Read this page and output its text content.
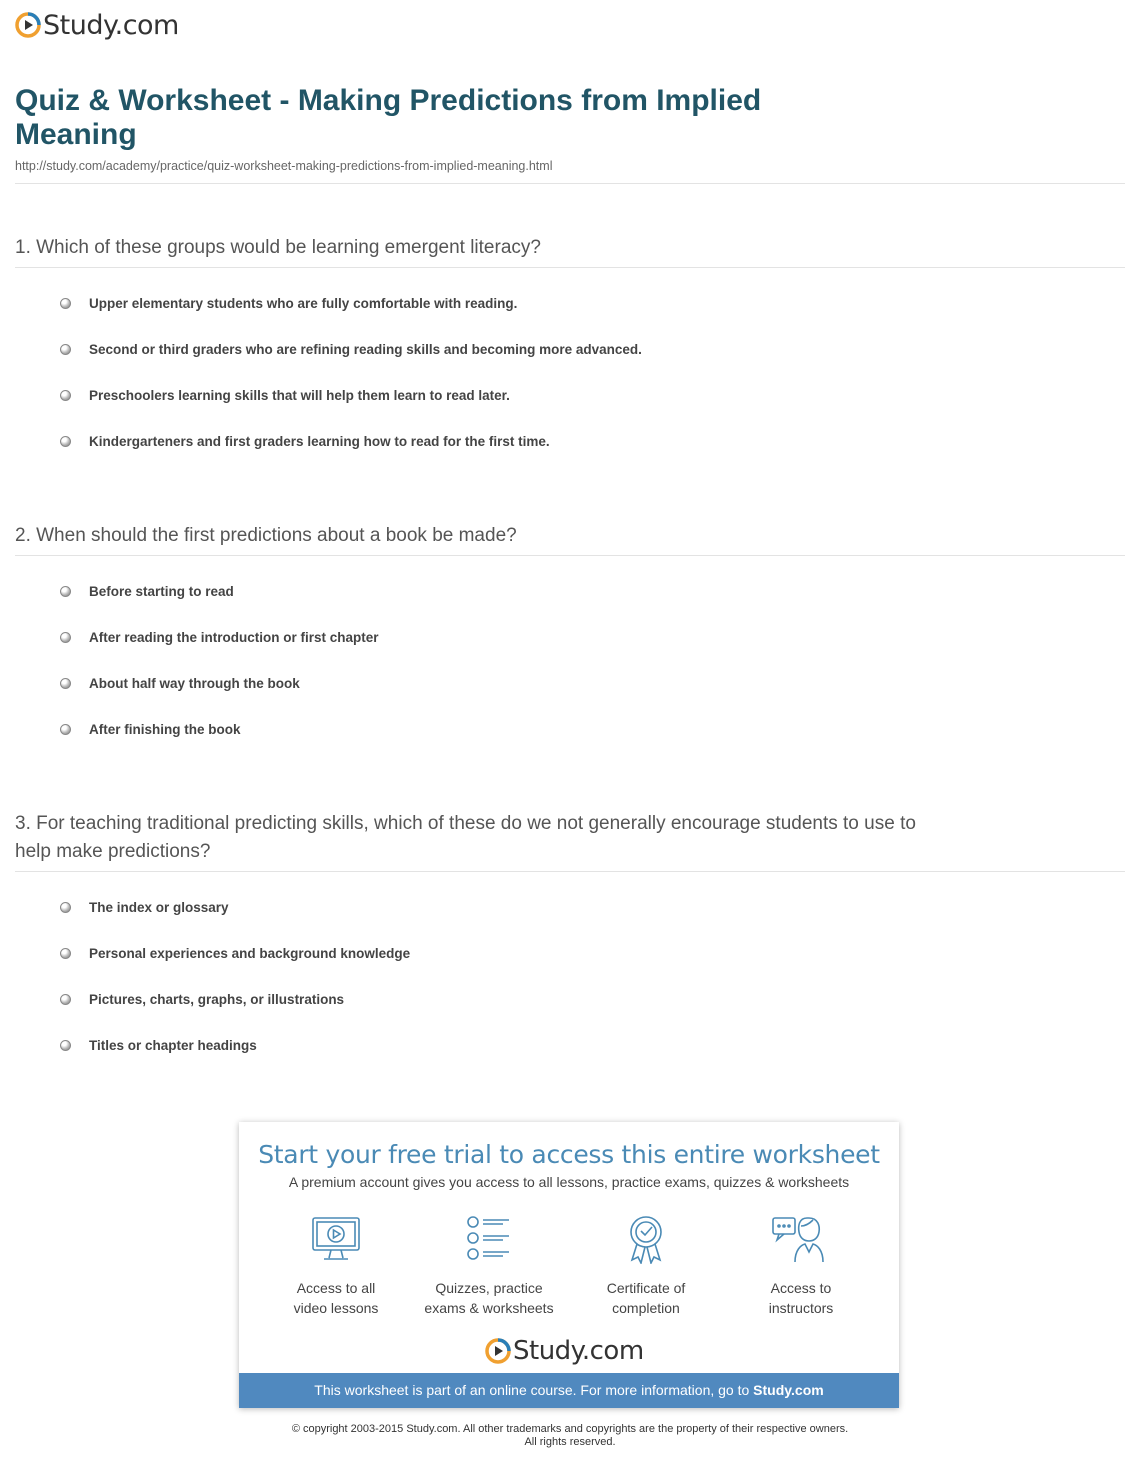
Study.com
Quiz & Worksheet - Making Predictions from Implied Meaning
http://study.com/academy/practice/quiz-worksheet-making-predictions-from-implied-meaning.html
1. Which of these groups would be learning emergent literacy?
Upper elementary students who are fully comfortable with reading.
Second or third graders who are refining reading skills and becoming more advanced.
Preschoolers learning skills that will help them learn to read later.
Kindergarteners and first graders learning how to read for the first time.
2. When should the first predictions about a book be made?
Before starting to read
After reading the introduction or first chapter
About half way through the book
After finishing the book
3. For teaching traditional predicting skills, which of these do we not generally encourage students to use to help make predictions?
The index or glossary
Personal experiences and background knowledge
Pictures, charts, graphs, or illustrations
Titles or chapter headings
Start your free trial to access this entire worksheet
A premium account gives you access to all lessons, practice exams, quizzes & worksheets
Access to all
video lessons
Quizzes, practice
exams & worksheets
Certificate of
completion
Access to
instructors
Study.com
This worksheet is part of an online course. For more information, go to Study.com
© copyright 2003-2015 Study.com. All other trademarks and copyrights are the property of their respective owners.
All rights reserved.
